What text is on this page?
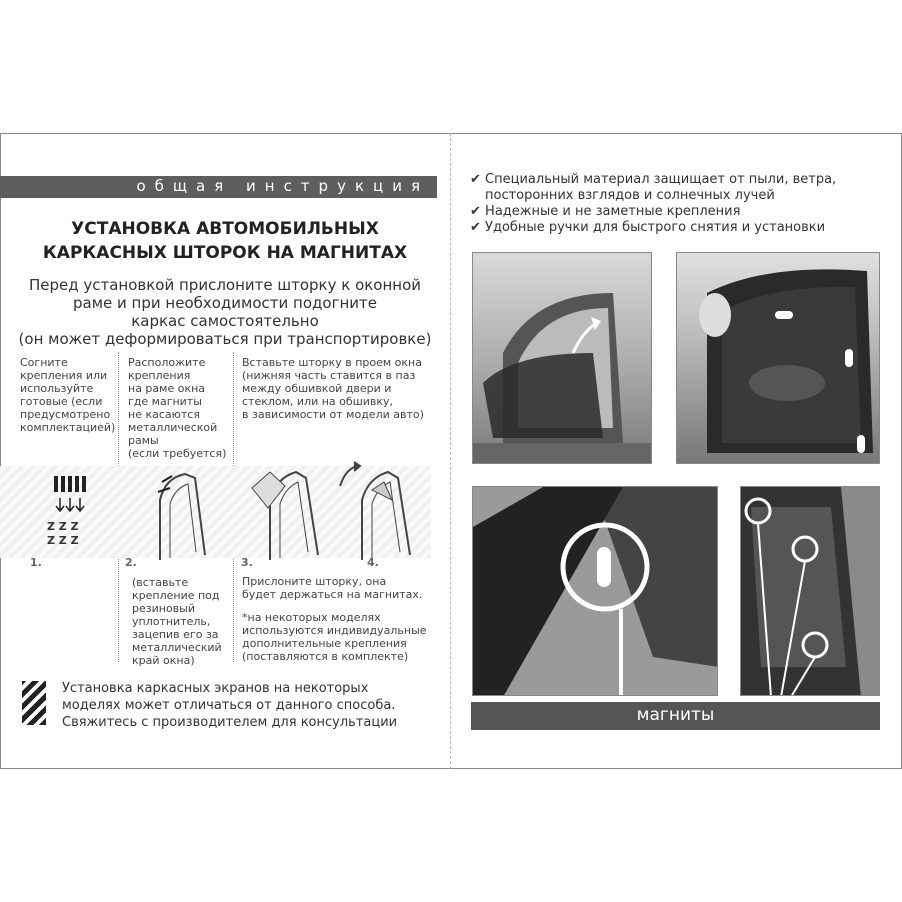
общая инструкция
УСТАНОВКА АВТОМОБИЛЬНЫХ
КАРКАСНЫХ ШТОРОК НА МАГНИТАХ
Перед установкой прислоните шторку к оконной
раме и при необходимости подогните
каркас самостоятельно
(он может деформироваться при транспортировке)
Согните
крепления или
используйте
готовые (если
предусмотрено
комплектацией)
Расположите
крепления
на раме окна
где магниты
не касаются
металлической
рамы
(если требуется)
Вставьте шторку в проем окна
(нижняя часть ставится в паз
между обшивкой двери и
стеклом, или на обшивку,
в зависимости от модели авто)
Z Z Z
Z Z Z
1.	2.	3.	4.
(вставьте
крепление под
резиновый
уплотнитель,
зацепив его за
металлический
край окна)
Прислоните шторку, она
будет держаться на магнитах.
*на некоторых моделях
используются индивидуальные
дополнительные крепления
(поставляются в комплекте)
Установка каркасных экранов на некоторых
моделях может отличаться от данного способа.
Свяжитесь с производителем для консультации
✔ Специальный материал защищает от пыли, ветра,
посторонних взглядов и солнечных лучей
✔ Надежные и не заметные крепления
✔ Удобные ручки для быстрого снятия и установки
магниты
